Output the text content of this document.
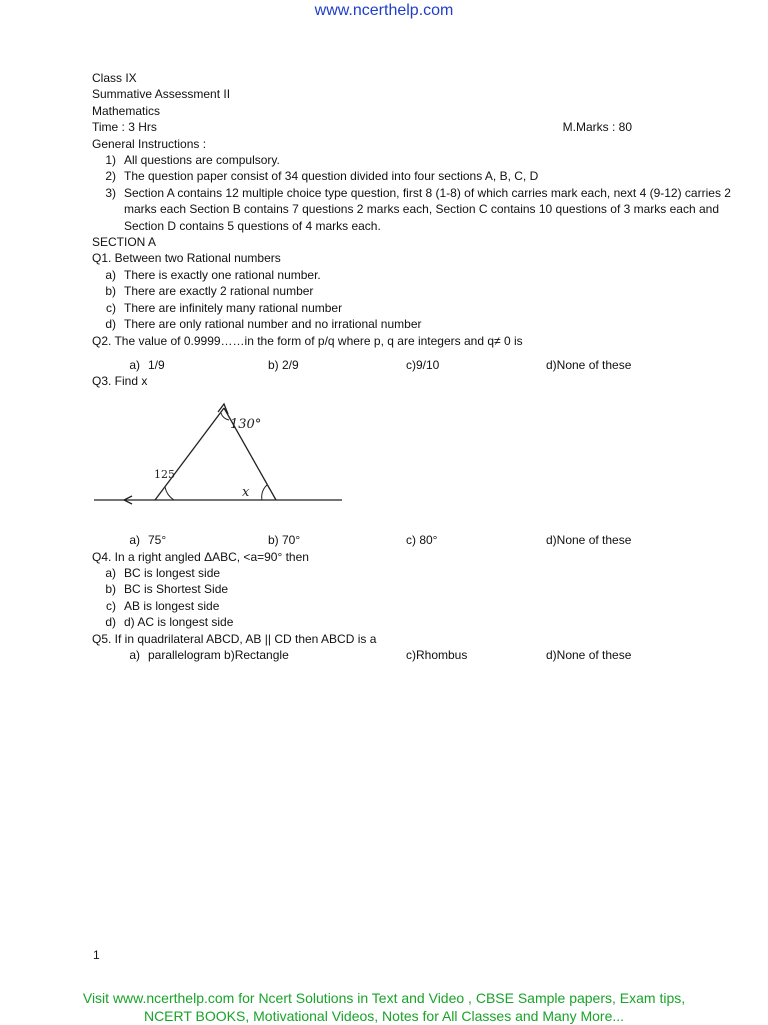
www.ncerthelp.com
Class IX
Summative Assessment II
Mathematics
Time : 3 Hrs	M.Marks : 80
General Instructions :
1) All questions are compulsory.
2) The question paper consist of 34 question divided into four sections A, B, C, D
3) Section A contains 12 multiple choice type question, first 8 (1-8) of which carries mark each, next 4 (9-12) carries 2 marks each Section B contains 7 questions 2 marks each, Section C contains 10 questions of 3 marks each and Section D contains 5 questions of 4 marks each.
SECTION A
Q1. Between two Rational numbers
a) There is exactly one rational number.
b) There are exactly 2 rational number
c) There are infinitely many rational number
d) There are only rational number and no irrational number
Q2. The value of 0.9999……in the form of p/q where p, q are integers and q≠ 0 is
a) 1/9	b) 2/9	c)9/10	d)None of these
Q3. Find x
130°
125
x
a) 75°	b) 70°	c) 80°	d)None of these
Q4. In a right angled ΔABC, <a=90° then
a) BC is longest side
b) BC is Shortest Side
c) AB is longest side
d) d) AC is longest side
Q5. If in quadrilateral ABCD, AB || CD then ABCD is a
a) parallelogram b)Rectangle	c)Rhombus	d)None of these
1
Visit www.ncerthelp.com for Ncert Solutions in Text and Video , CBSE Sample papers, Exam tips,
NCERT BOOKS, Motivational Videos, Notes for All Classes and Many More...
